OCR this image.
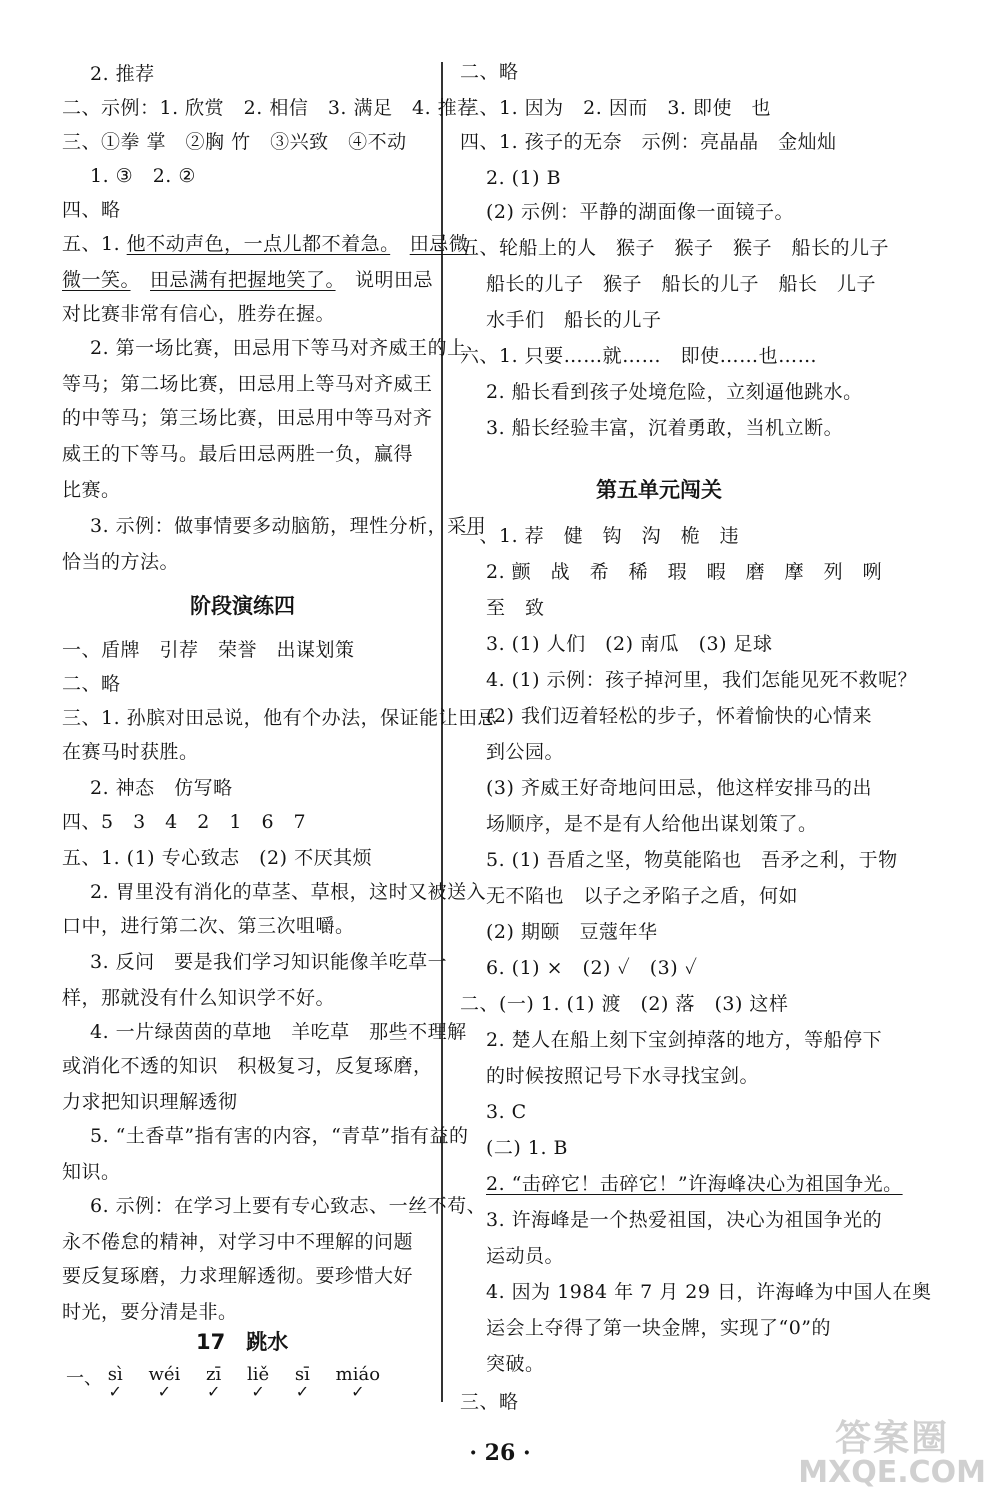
2. 推荐
二、示例：1. 欣赏　2. 相信　3. 满足　4. 推荐
三、①拳 掌　②胸 竹　③兴致　④不动
1. ③　2. ②
四、略
五、1. 他不动声色，一点儿都不着急。　 田忌微
微一笑。　 田忌满有把握地笑了。　说明田忌
对比赛非常有信心，胜券在握。
2. 第一场比赛，田忌用下等马对齐威王的上
等马；第二场比赛，田忌用上等马对齐威王
的中等马；第三场比赛，田忌用中等马对齐
威王的下等马。最后田忌两胜一负，赢得
比赛。
3. 示例：做事情要多动脑筋，理性分析，采用
恰当的方法。
阶段演练四
一、盾牌　引荐　荣誉　出谋划策
二、略
三、1. 孙膑对田忌说，他有个办法，保证能让田忌
在赛马时获胜。
2. 神态　仿写略
四、5　3　4　2　1　6　7
五、1. (1) 专心致志　(2) 不厌其烦
2. 胃里没有消化的草茎、草根，这时又被送入
口中，进行第二次、第三次咀嚼。
3. 反问　要是我们学习知识能像羊吃草一
样，那就没有什么知识学不好。
4. 一片绿茵茵的草地　羊吃草　那些不理解
或消化不透的知识　积极复习，反复琢磨，
力求把知识理解透彻
5. “土香草”指有害的内容，“青草”指有益的
知识。
6. 示例：在学习上要有专心致志、一丝不苟、
永不倦怠的精神，对学习中不理解的问题
要反复琢磨，力求理解透彻。要珍惜大好
时光，要分清是非。
17　跳水
一、 sì
✓

wéi
✓

zī
✓

liě
✓

sī
✓

miáo
✓
二、略
三、1. 因为　2. 因而　3. 即使　也
四、1. 孩子的无奈　示例：亮晶晶　金灿灿
2. (1) B
(2) 示例：平静的湖面像一面镜子。
五、轮船上的人　猴子　猴子　猴子　船长的儿子
船长的儿子　猴子　船长的儿子　船长　儿子
水手们　船长的儿子
六、1. 只要……就……　即使……也……
2. 船长看到孩子处境危险，立刻逼他跳水。
3. 船长经验丰富，沉着勇敢，当机立断。
第五单元闯关
一、1. 荐　健　钩　沟　桅　违
2. 颤　战　希　稀　瑕　暇　磨　摩　列　咧
至　致
3. (1) 人们　(2) 南瓜　(3) 足球
4. (1) 示例：孩子掉河里，我们怎能见死不救呢？
(2) 我们迈着轻松的步子，怀着愉快的心情来
到公园。
(3) 齐威王好奇地问田忌，他这样安排马的出
场顺序，是不是有人给他出谋划策了。
5. (1) 吾盾之坚，物莫能陷也　吾矛之利，于物
无不陷也　以子之矛陷子之盾，何如
(2) 期颐　豆蔻年华
6. (1) ×　(2) ✓　(3) ✓
二、(一) 1. (1) 渡　(2) 落　(3) 这样
2. 楚人在船上刻下宝剑掉落的地方，等船停下
的时候按照记号下水寻找宝剑。
3. C
(二) 1. B
2. “击碎它！击碎它！”许海峰决心为祖国争光。
3. 许海峰是一个热爱祖国，决心为祖国争光的
运动员。
4. 因为 1984 年 7 月 29 日，许海峰为中国人在奥
运会上夺得了第一块金牌，实现了“0”的
突破。
三、略
· 26 ·	答案圈
MXQE.COM
